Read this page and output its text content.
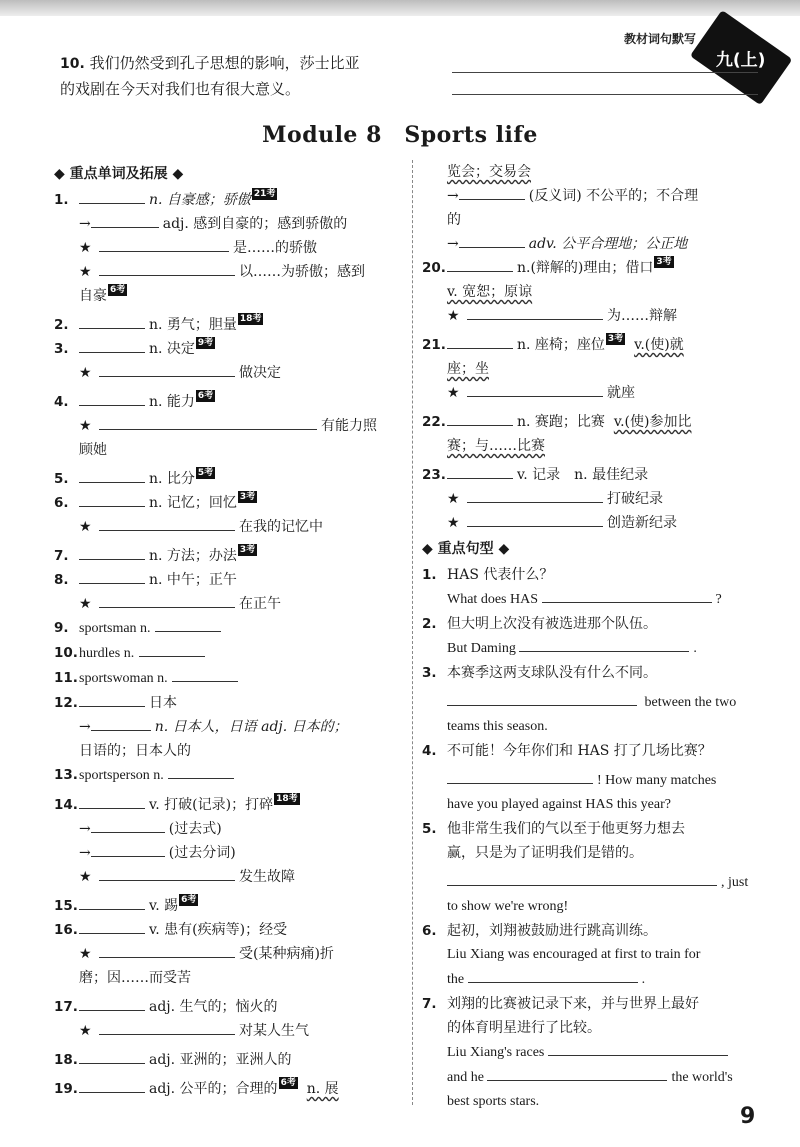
教材词句默写
九(上)
10. 我们仍然受到孔子思想的影响，莎士比亚
的戏剧在今天对我们也有很大意义。
Module 8　Sports life
◆ 重点单词及拓展 ◆
1.	n. 自豪感；骄傲 21考
→	adj. 感到自豪的；感到骄傲的
★	是……的骄傲
★	以……为骄傲；感到
自豪 6考
2.	n. 勇气；胆量 18考
3.	n. 决定 9考
★	做决定
4.	n. 能力 6考
★	有能力照
顾她
5.	n. 比分 5考
6.	n. 记忆；回忆 3考
★	在我的记忆中
7.	n. 方法；办法 3考
8.	n. 中午；正午
★	在正午
9. sportsman n.
10.hurdles n.
11.sportswoman n.
12.	日本
→	n. 日本人，日语 adj. 日本的；
日语的；日本人的
13.sportsperson n.
14.	v. 打破(记录)；打碎 18考
→	(过去式)
→	(过去分词)
★	发生故障
15.	v. 踢 6考
16.	v. 患有(疾病等)；经受
★	受(某种病痛)折
磨；因……而受苦
17.	adj. 生气的；恼火的
★	对某人生气
18.	adj. 亚洲的；亚洲人的
19.	adj. 公平的；合理的 6考 n. 展
览会；交易会
→	(反义词) 不公平的；不合理
的
→	adv. 公平合理地；公正地
20.	n.(辩解的)理由；借口 3考
v. 宽恕；原谅
★	为……辩解
21.	n. 座椅；座位 3考 v.(使)就
座；坐
★	就座
22.	n. 赛跑；比赛 v.(使)参加比
赛；与……比赛
23.	v. 记录　n. 最佳纪录
★	打破纪录
★	创造新纪录
◆ 重点句型 ◆
1. HAS 代表什么？
What does HAS	?
2. 但大明上次没有被选进那个队伍。
But Daming	.
3. 本赛季这两支球队没有什么不同。
between the two
teams this season.
4. 不可能！今年你们和 HAS 打了几场比赛？
! How many matches
have you played against HAS this year?
5. 他非常生我们的气以至于他更努力想去
赢，只是为了证明我们是错的。
, just
to show we're wrong!
6. 起初，刘翔被鼓励进行跳高训练。
Liu Xiang was encouraged at first to train for
the	.
7. 刘翔的比赛被记录下来，并与世界上最好
的体育明星进行了比较。
Liu Xiang's races
and he	the world's
best sports stars.
9
